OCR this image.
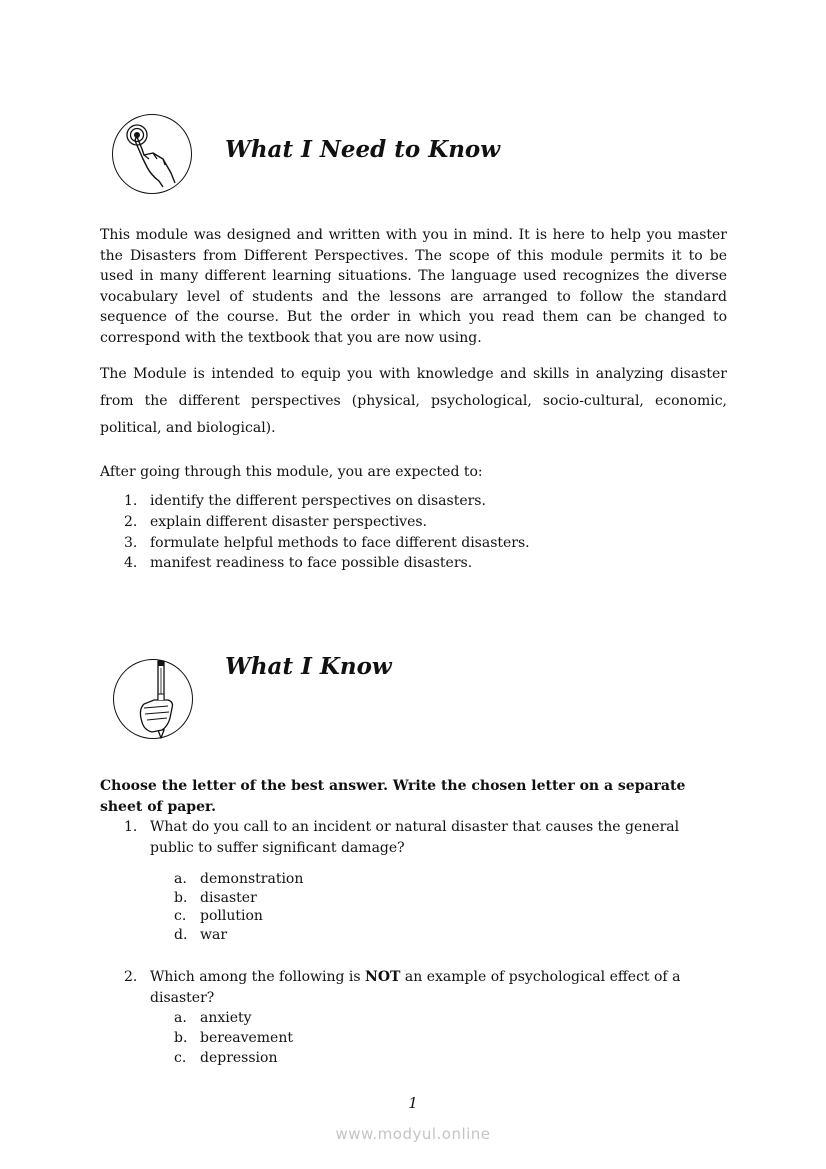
What I Need to Know

This module was designed and written with you in mind. It is here to help you master the Disasters from Different Perspectives. The scope of this module permits it to be used in many different learning situations. The language used recognizes the diverse vocabulary level of students and the lessons are arranged to follow the standard sequence of the course. But the order in which you read them can be changed to correspond with the textbook that you are now using.

The Module is intended to equip you with knowledge and skills in analyzing disaster from the different perspectives (physical, psychological, socio-cultural, economic, political, and biological).

After going through this module, you are expected to:

1. identify the different perspectives on disasters.
2. explain different disaster perspectives.
3. formulate helpful methods to face different disasters.
4. manifest readiness to face possible disasters.
What I Know

Choose the letter of the best answer. Write the chosen letter on a separate sheet of paper.

1. What do you call to an incident or natural disaster that causes the general public to suffer significant damage?
a. demonstration
b. disaster
c. pollution
d. war
2. Which among the following is NOT an example of psychological effect of a disaster?
a. anxiety
b. bereavement
c. depression
1
www.modyul.online
